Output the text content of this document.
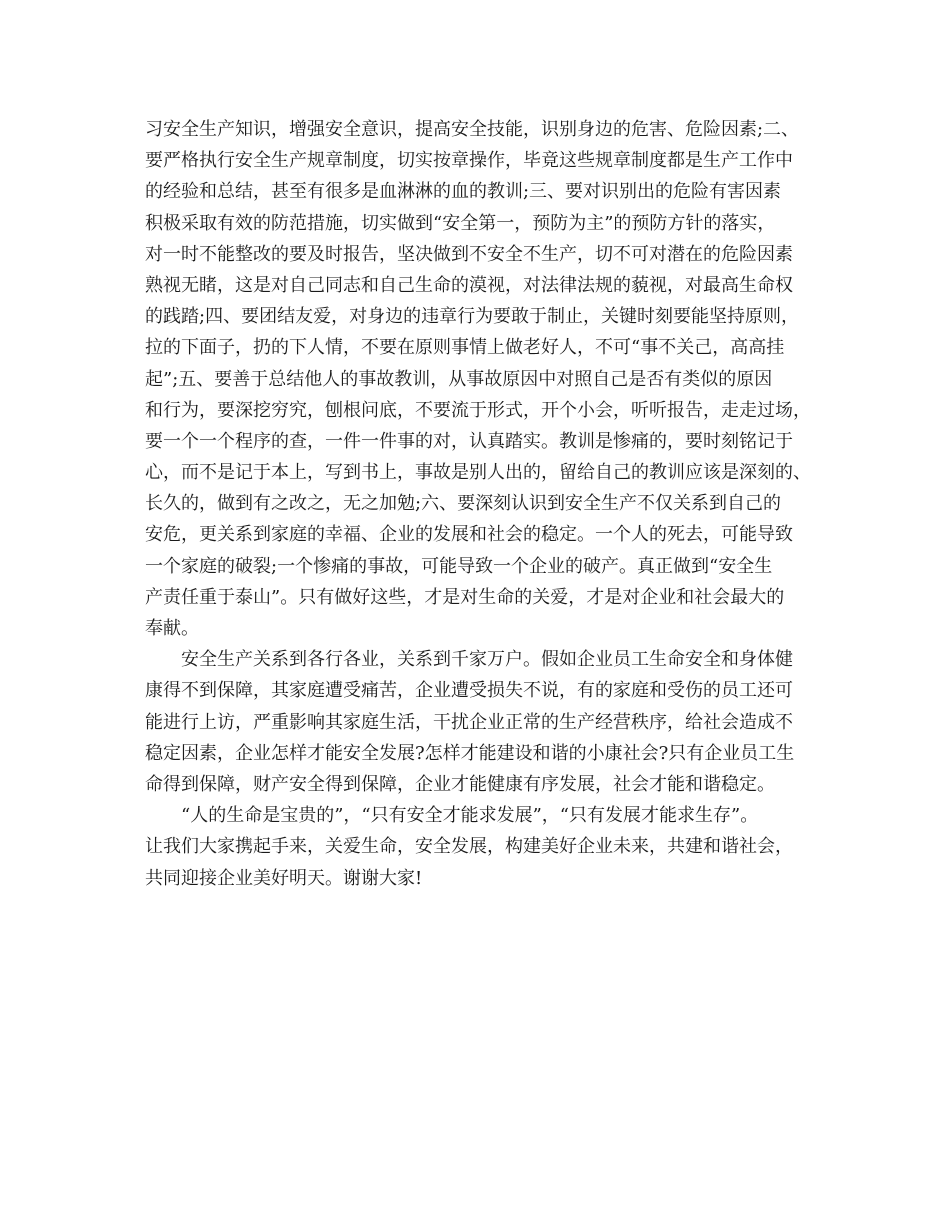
习安全生产知识，增强安全意识，提高安全技能，识别身边的危害、危险因素;二、
要严格执行安全生产规章制度，切实按章操作，毕竟这些规章制度都是生产工作中
的经验和总结，甚至有很多是血淋淋的血的教训;三、要对识别出的危险有害因素
积极采取有效的防范措施，切实做到“安全第一，预防为主”的预防方针的落实，
对一时不能整改的要及时报告，坚决做到不安全不生产，切不可对潜在的危险因素
熟视无睹，这是对自己同志和自己生命的漠视，对法律法规的藐视，对最高生命权
的践踏;四、要团结友爱，对身边的违章行为要敢于制止，关键时刻要能坚持原则，
拉的下面子，扔的下人情，不要在原则事情上做老好人，不可“事不关己，高高挂
起”;五、要善于总结他人的事故教训，从事故原因中对照自己是否有类似的原因
和行为，要深挖穷究，刨根问底，不要流于形式，开个小会，听听报告，走走过场，
要一个一个程序的查，一件一件事的对，认真踏实。教训是惨痛的，要时刻铭记于
心，而不是记于本上，写到书上，事故是别人出的，留给自己的教训应该是深刻的、
长久的，做到有之改之，无之加勉;六、要深刻认识到安全生产不仅关系到自己的
安危，更关系到家庭的幸福、企业的发展和社会的稳定。一个人的死去，可能导致
一个家庭的破裂;一个惨痛的事故，可能导致一个企业的破产。真正做到“安全生
产责任重于泰山”。只有做好这些，才是对生命的关爱，才是对企业和社会最大的
奉献。
安全生产关系到各行各业，关系到千家万户。假如企业员工生命安全和身体健
康得不到保障，其家庭遭受痛苦，企业遭受损失不说，有的家庭和受伤的员工还可
能进行上访，严重影响其家庭生活，干扰企业正常的生产经营秩序，给社会造成不
稳定因素，企业怎样才能安全发展?怎样才能建设和谐的小康社会?只有企业员工生
命得到保障，财产安全得到保障，企业才能健康有序发展，社会才能和谐稳定。
“人的生命是宝贵的”，“只有安全才能求发展”，“只有发展才能求生存”。
让我们大家携起手来，关爱生命，安全发展，构建美好企业未来，共建和谐社会，
共同迎接企业美好明天。谢谢大家!
